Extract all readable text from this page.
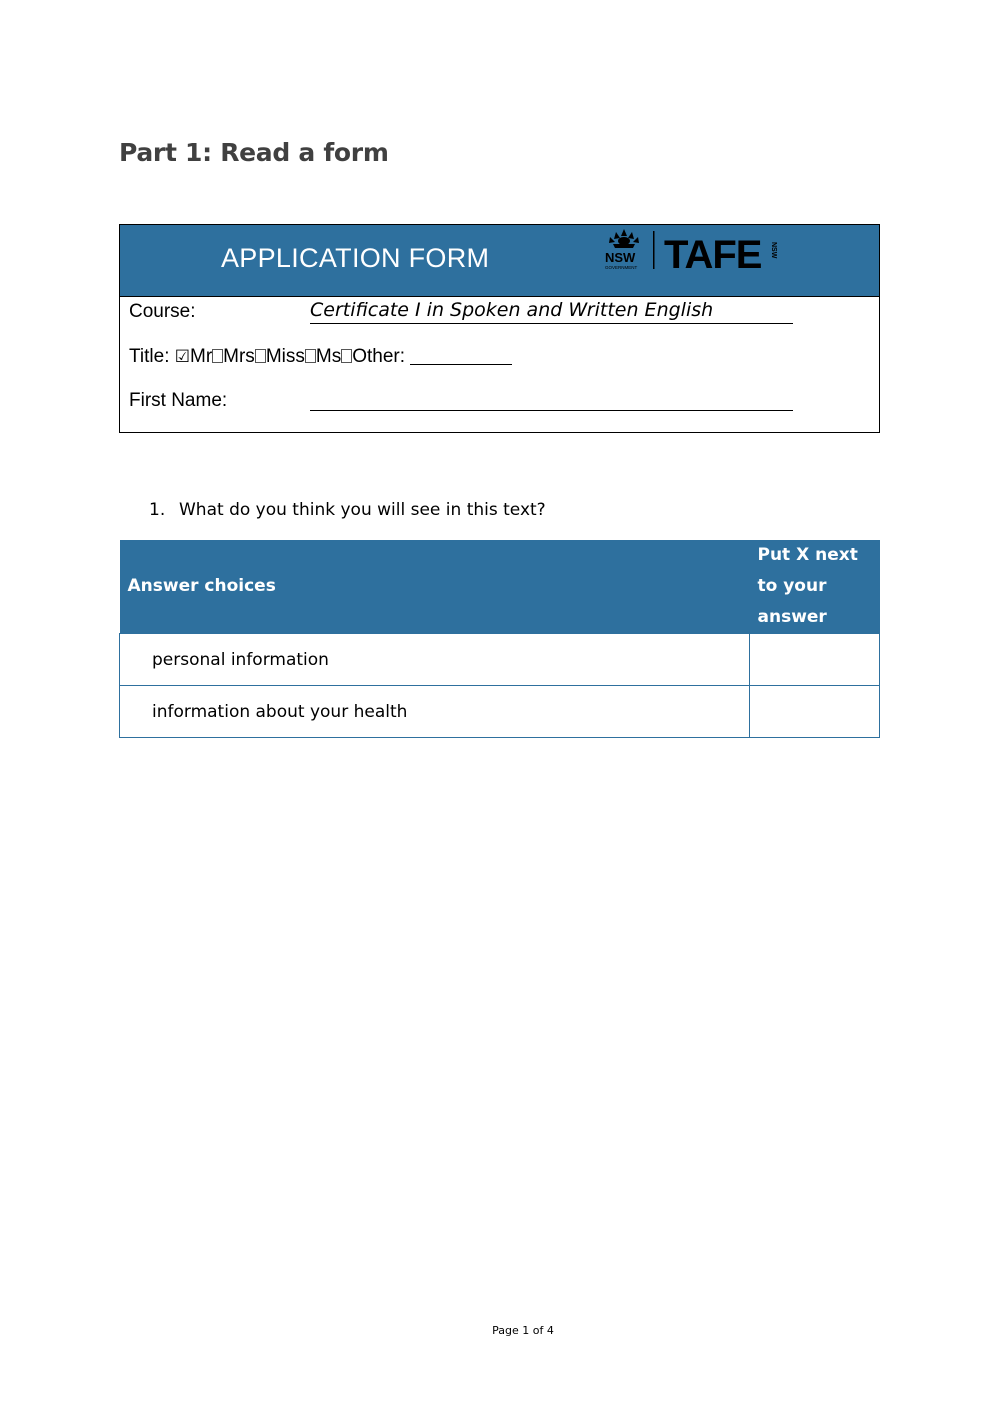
Part 1: Read a form
APPLICATION FORM	NSW
GOVERNMENT TAFE NSW
Course:	Certificate I in Spoken and Written English
Title: ☑Mr Mrs Miss Ms Other:
First Name:
1. What do you think you will see in this text?
Answer choices	Put X next to your answer
personal information	
information about your health	
Page 1 of 4
